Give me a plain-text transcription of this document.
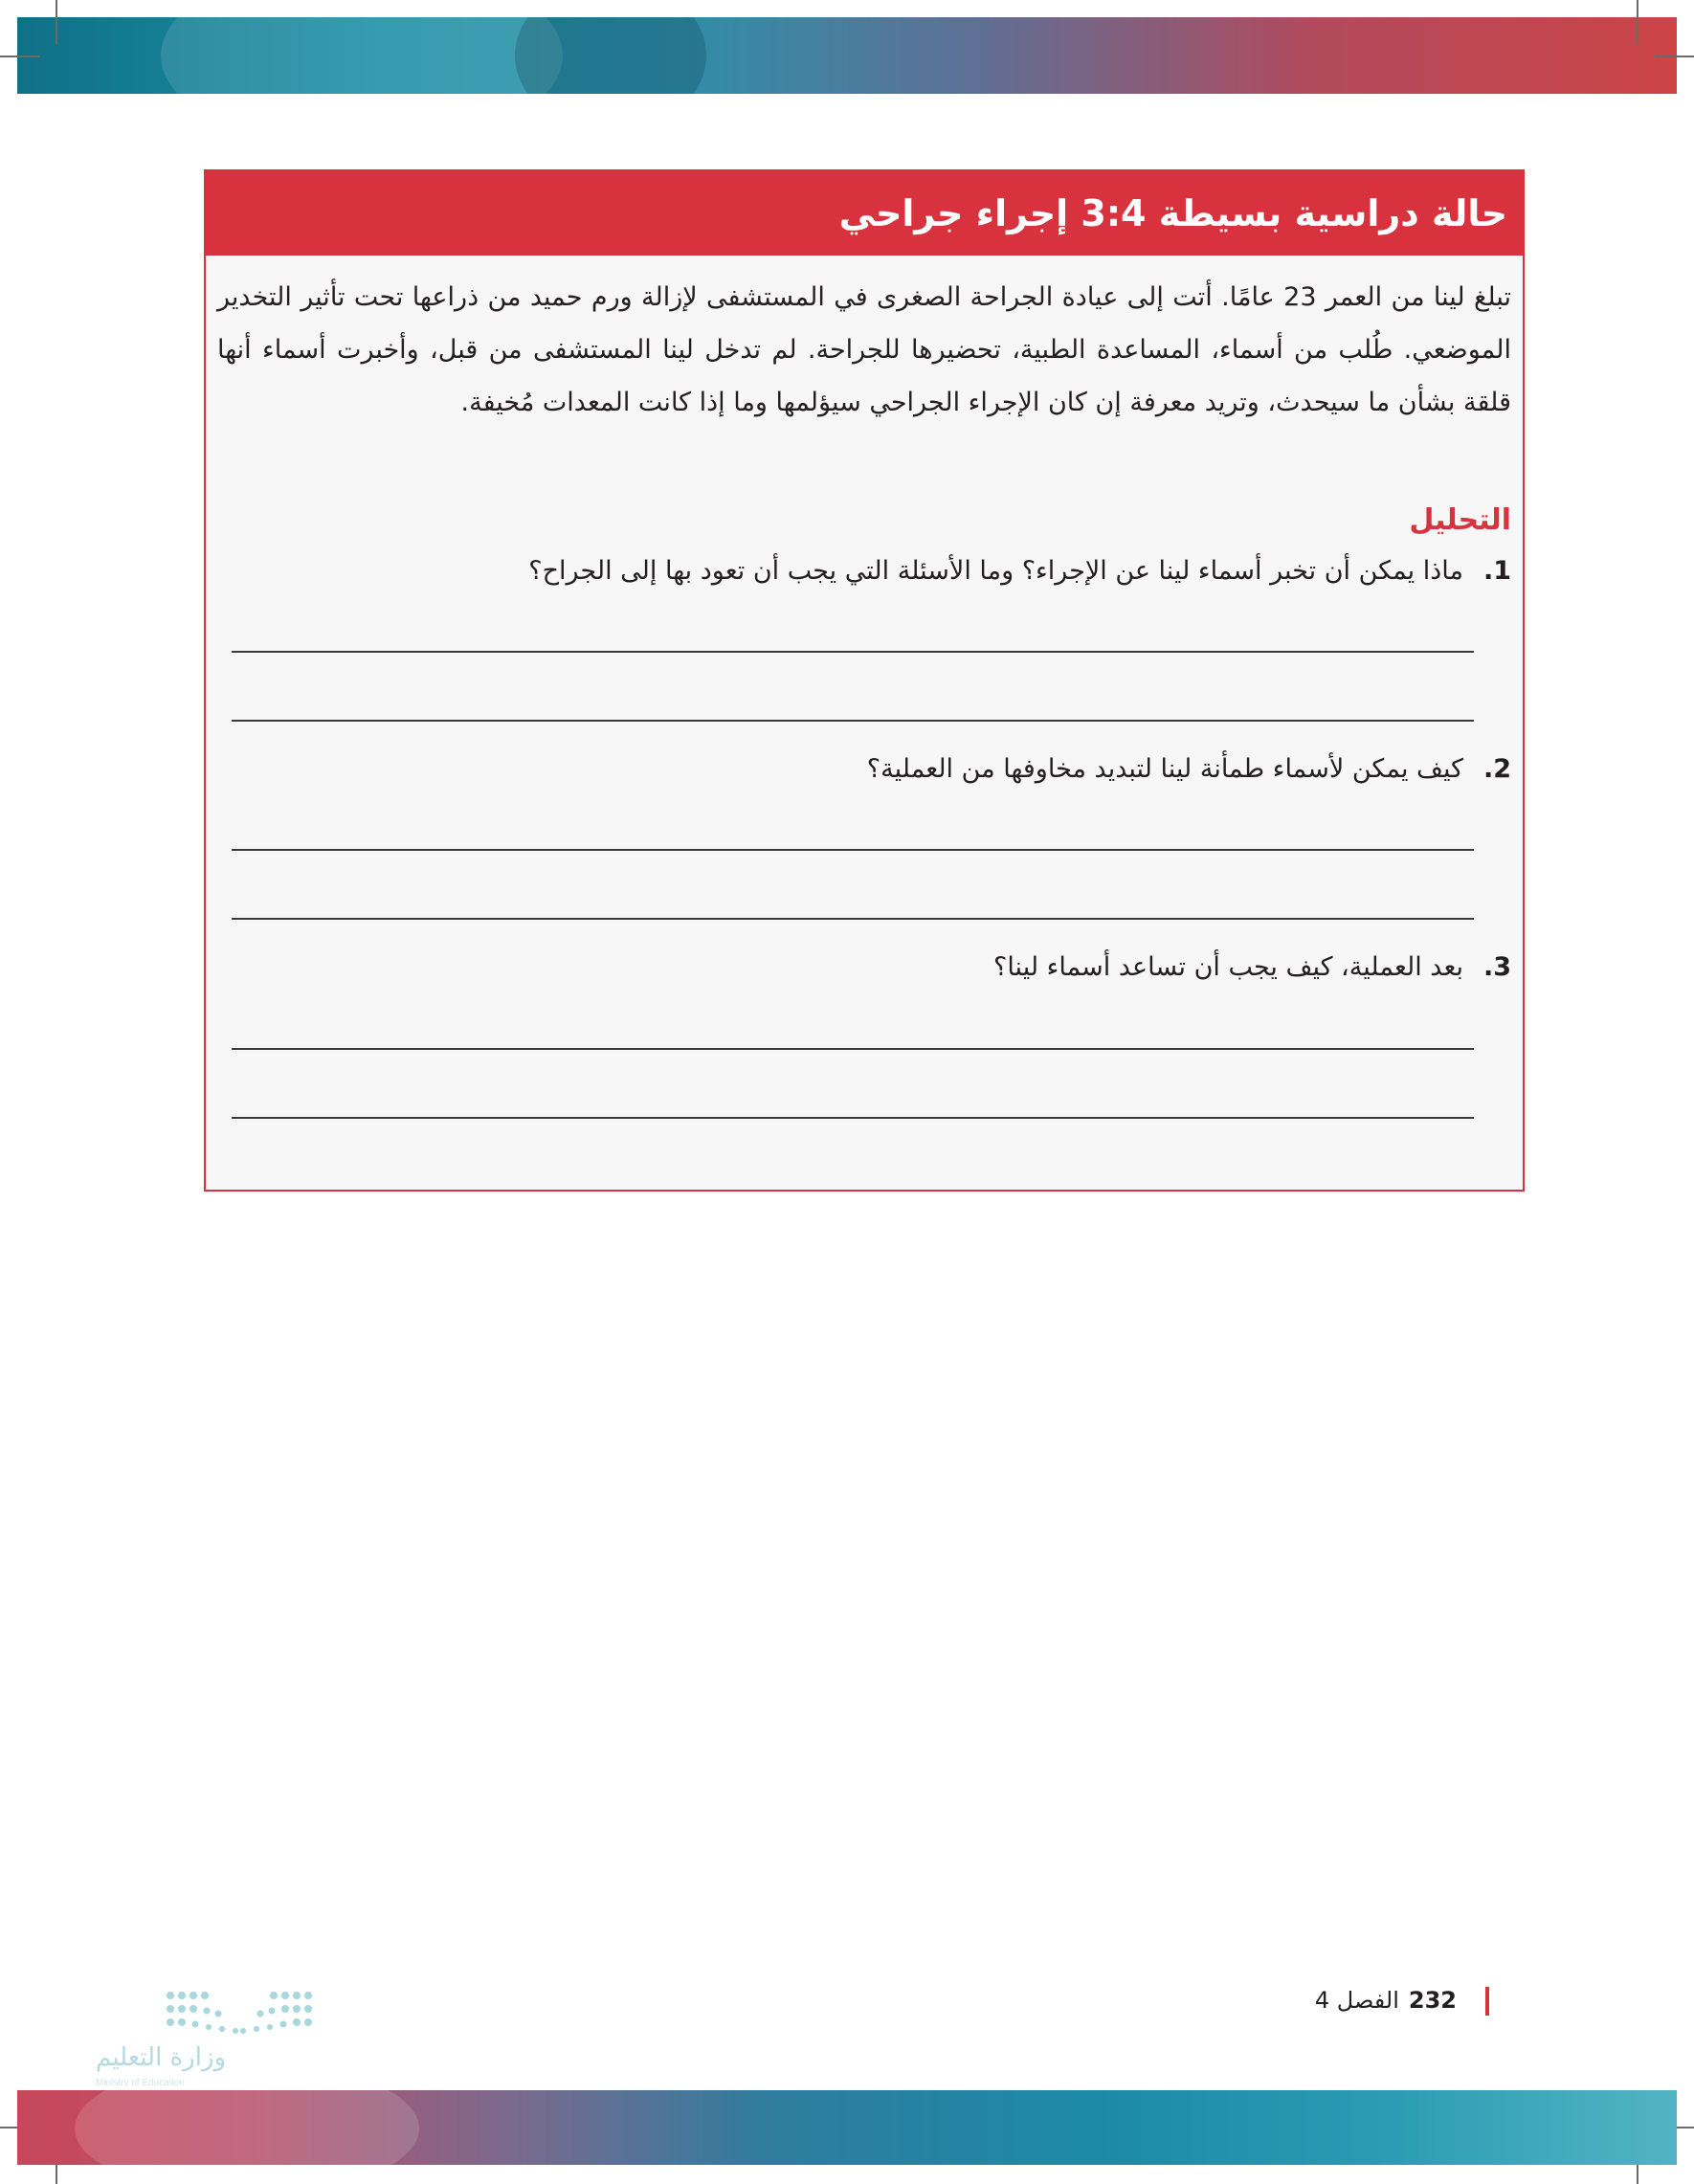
حالة دراسية بسيطة 3:4 إجراء جراحي

تبلغ لينا من العمر 23 عامًا. أتت إلى عيادة الجراحة الصغرى في المستشفى لإزالة ورم حميد من ذراعها تحت تأثير التخدير الموضعي. طُلب من أسماء، المساعدة الطبية، تحضيرها للجراحة. لم تدخل لينا المستشفى من قبل، وأخبرت أسماء أنها قلقة بشأن ما سيحدث، وتريد معرفة إن كان الإجراء الجراحي سيؤلمها وما إذا كانت المعدات مُخيفة.

التحليل

1.ماذا يمكن أن تخبر أسماء لينا عن الإجراء؟ وما الأسئلة التي يجب أن تعود بها إلى الجراح؟

2.كيف يمكن لأسماء طمأنة لينا لتبديد مخاوفها من العملية؟

3.بعد العملية، كيف يجب أن تساعد أسماء لينا؟

232الفصل 4
وزارة التعليم
Ministry of Education
